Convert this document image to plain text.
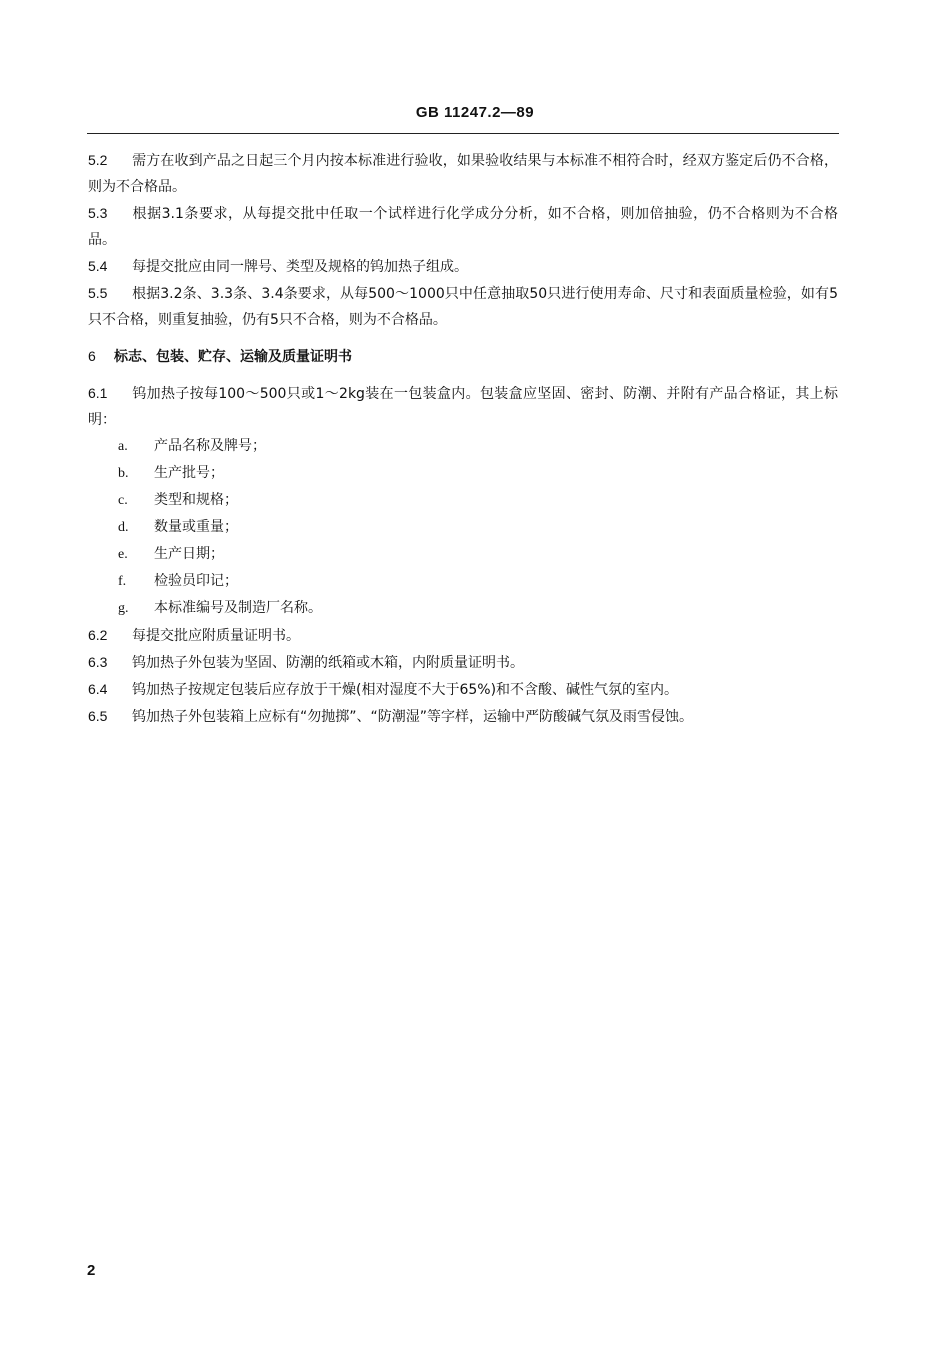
GB 11247.2—89

5.2 需方在收到产品之日起三个月内按本标准进行验收，如果验收结果与本标准不相符合时，经双方鉴定后仍不合格，则为不合格品。

5.3 根据3.1条要求，从每提交批中任取一个试样进行化学成分分析，如不合格，则加倍抽验，仍不合格则为不合格品。

5.4 每提交批应由同一牌号、类型及规格的钨加热子组成。

5.5 根据3.2条、3.3条、3.4条要求，从每500～1000只中任意抽取50只进行使用寿命、尺寸和表面质量检验，如有5只不合格，则重复抽验，仍有5只不合格，则为不合格品。

6 标志、包装、贮存、运输及质量证明书

6.1 钨加热子按每100～500只或1～2kg装在一包装盒内。包装盒应坚固、密封、防潮、并附有产品合格证，其上标明：

a. 产品名称及牌号；
b. 生产批号；
c. 类型和规格；
d. 数量或重量；
e. 生产日期；
f. 检验员印记；
g. 本标准编号及制造厂名称。

6.2 每提交批应附质量证明书。

6.3 钨加热子外包装为坚固、防潮的纸箱或木箱，内附质量证明书。

6.4 钨加热子按规定包装后应存放于干燥(相对湿度不大于65%)和不含酸、碱性气氛的室内。

6.5 钨加热子外包装箱上应标有“勿抛掷”、“防潮湿”等字样，运输中严防酸碱气氛及雨雪侵蚀。

2
